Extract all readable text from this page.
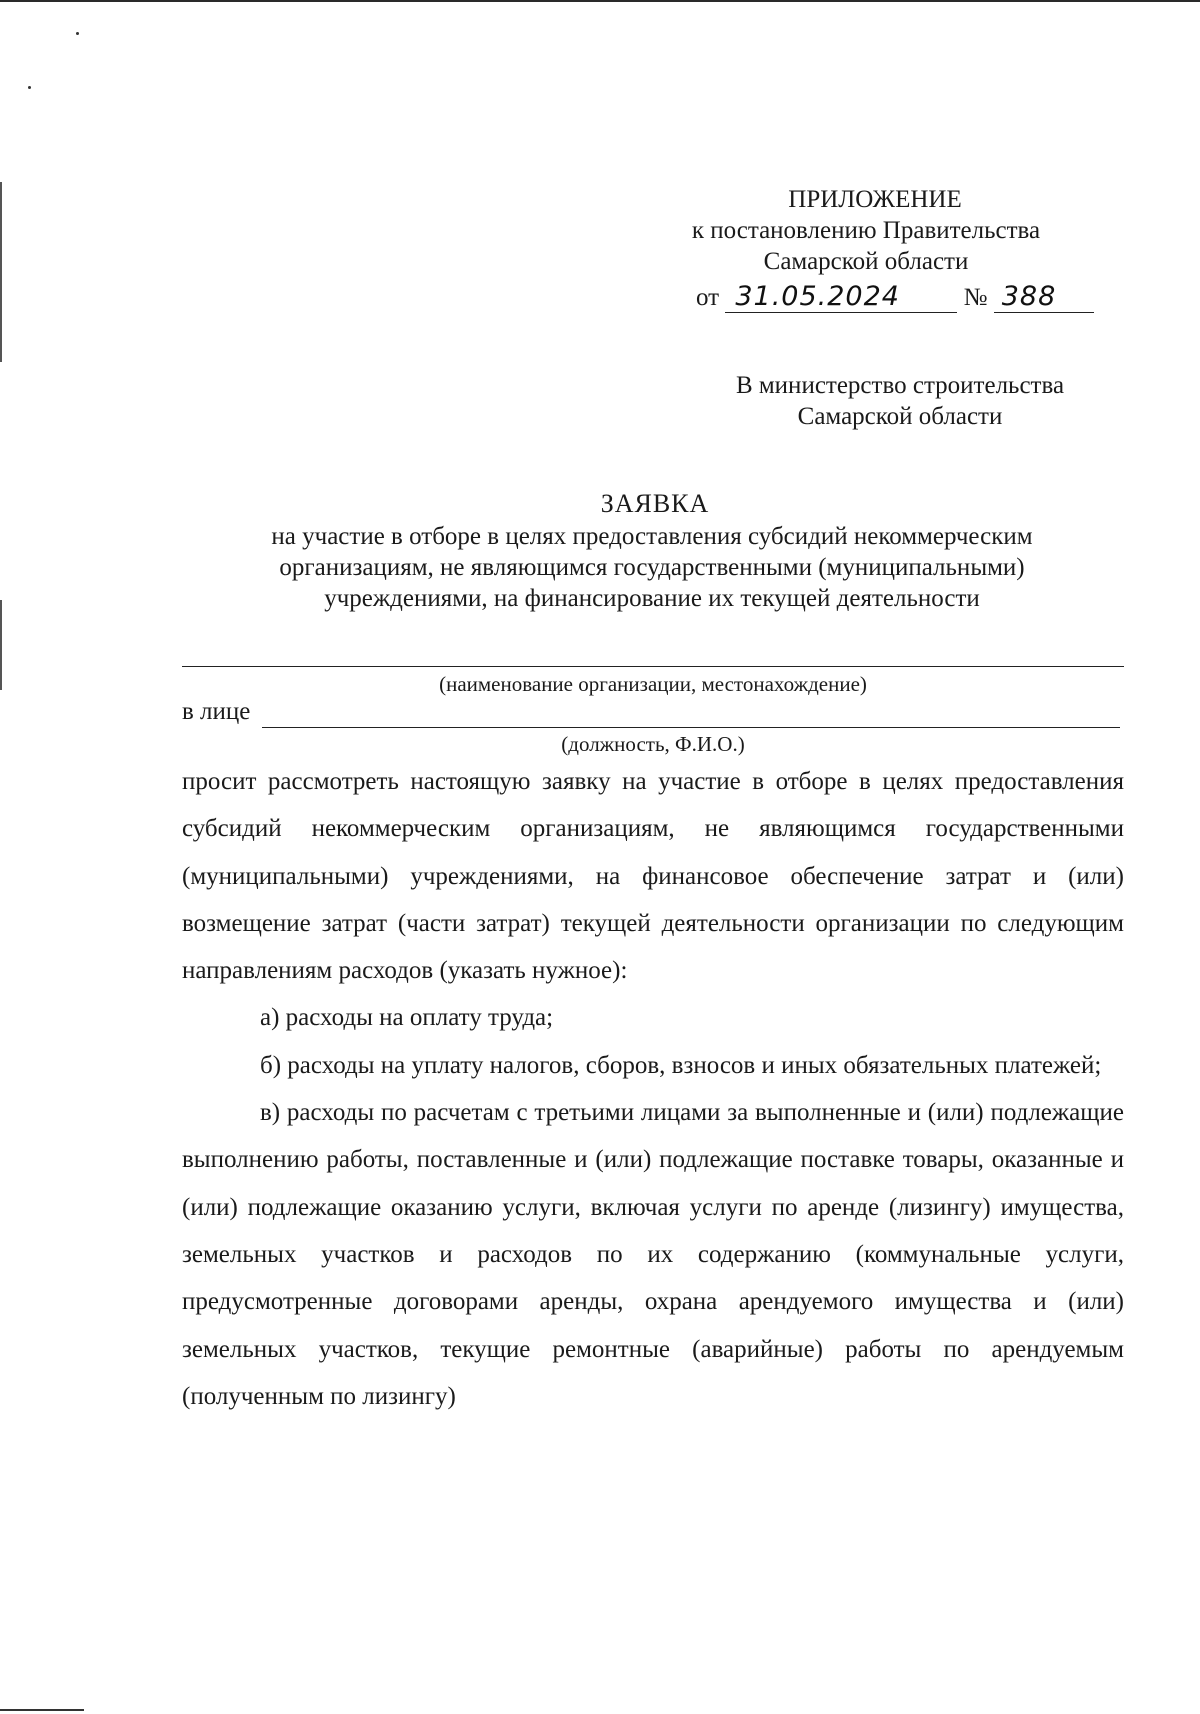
ПРИЛОЖЕНИЕ
к постановлению Правительства
Самарской области
от 31.05.2024	№ 388
В министерство строительства
Самарской области
ЗАЯВКА
на участие в отборе в целях предоставления субсидий некоммерческим
организациям, не являющимся государственными (муниципальными)
учреждениями, на финансирование их текущей деятельности
(наименование организации, местонахождение)
в лице
(должность, Ф.И.О.)

просит рассмотреть настоящую заявку на участие в отборе в целях предоставления субсидий некоммерческим организациям, не являющимся государственными (муниципальными) учреждениями, на финансовое обеспечение затрат и (или) возмещение затрат (части затрат) текущей деятельности организации по следующим направлениям расходов (указать нужное):

а) расходы на оплату труда;

б) расходы на уплату налогов, сборов, взносов и иных обязательных платежей;

в) расходы по расчетам с третьими лицами за выполненные и (или) подлежащие выполнению работы, поставленные и (или) подлежащие поставке товары, оказанные и (или) подлежащие оказанию услуги, включая услуги по аренде (лизингу) имущества, земельных участков и расходов по их содержанию (коммунальные услуги, предусмотренные договорами аренды, охрана арендуемого имущества и (или) земельных участков, текущие ремонтные (аварийные) работы по арендуемым (полученным по лизингу)
